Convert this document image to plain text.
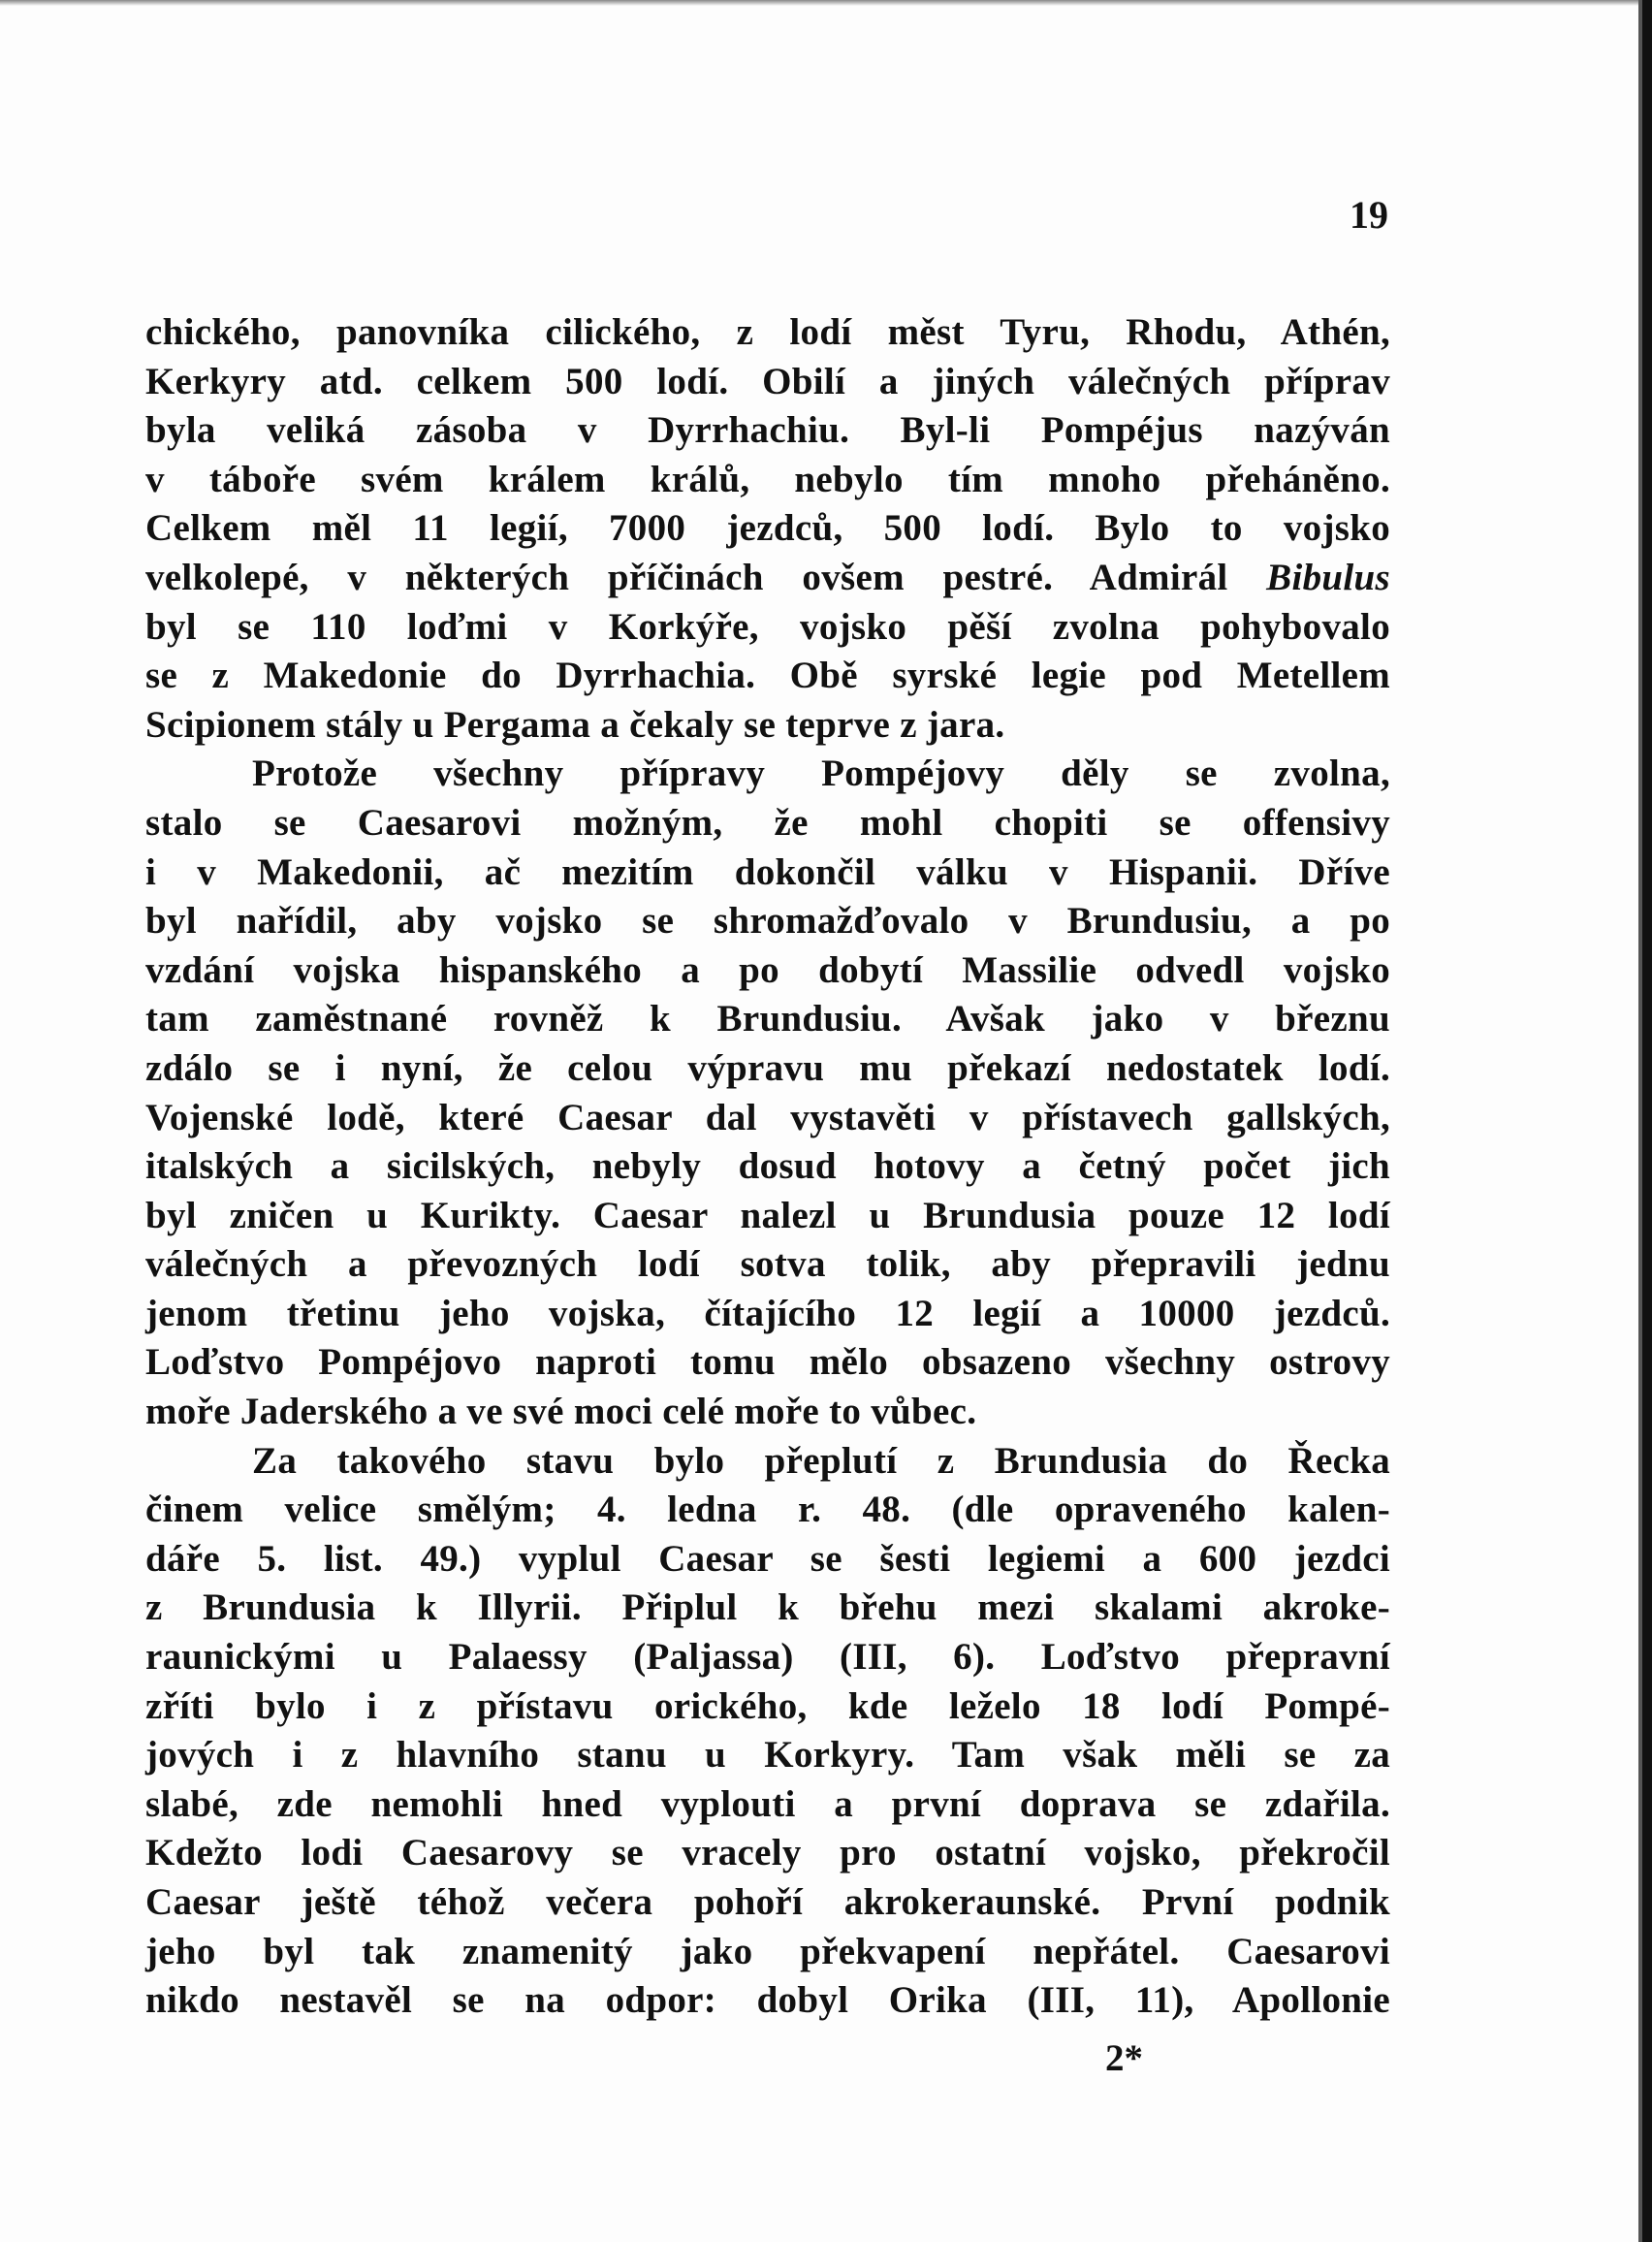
19
chického, panovníka cilického, z lodí měst Tyru, Rhodu, Athén,
Kerkyry atd. celkem 500 lodí. Obilí a jiných válečných příprav
byla veliká zásoba v Dyrrhachiu. Byl-li Pompéjus nazýván
v táboře svém králem králů, nebylo tím mnoho přeháněno.
Celkem měl 11 legií, 7000 jezdců, 500 lodí. Bylo to vojsko
velkolepé, v některých příčinách ovšem pestré. Admirál Bibulus
byl se 110 loďmi v Korkýře, vojsko pěší zvolna pohybovalo
se z Makedonie do Dyrrhachia. Obě syrské legie pod Metellem
Scipionem stály u Pergama a čekaly se teprve z jara.
Protože všechny přípravy Pompéjovy děly se zvolna,
stalo se Caesarovi možným, že mohl chopiti se offensivy
i v Makedonii, ač mezitím dokončil válku v Hispanii. Dříve
byl nařídil, aby vojsko se shromažďovalo v Brundusiu, a po
vzdání vojska hispanského a po dobytí Massilie odvedl vojsko
tam zaměstnané rovněž k Brundusiu. Avšak jako v březnu
zdálo se i nyní, že celou výpravu mu překazí nedostatek lodí.
Vojenské lodě, které Caesar dal vystavěti v přístavech gallských,
italských a sicilských, nebyly dosud hotovy a četný počet jich
byl zničen u Kurikty. Caesar nalezl u Brundusia pouze 12 lodí
válečných a převozných lodí sotva tolik, aby přepravili jednu
jenom třetinu jeho vojska, čítajícího 12 legií a 10000 jezdců.
Loďstvo Pompéjovo naproti tomu mělo obsazeno všechny ostrovy
moře Jaderského a ve své moci celé moře to vůbec.
Za takového stavu bylo přeplutí z Brundusia do Řecka
činem velice smělým; 4. ledna r. 48. (dle opraveného kalen-
dáře 5. list. 49.) vyplul Caesar se šesti legiemi a 600 jezdci
z Brundusia k Illyrii. Připlul k břehu mezi skalami akroke-
raunickými u Palaessy (Paljassa) (III, 6). Loďstvo přepravní
zříti bylo i z přístavu orického, kde leželo 18 lodí Pompé-
jových i z hlavního stanu u Korkyry. Tam však měli se za
slabé, zde nemohli hned vyplouti a první doprava se zdařila.
Kdežto lodi Caesarovy se vracely pro ostatní vojsko, překročil
Caesar ještě téhož večera pohoří akrokeraunské. První podnik
jeho byl tak znamenitý jako překvapení nepřátel. Caesarovi
nikdo nestavěl se na odpor: dobyl Orika (III, 11), Apollonie
2*
